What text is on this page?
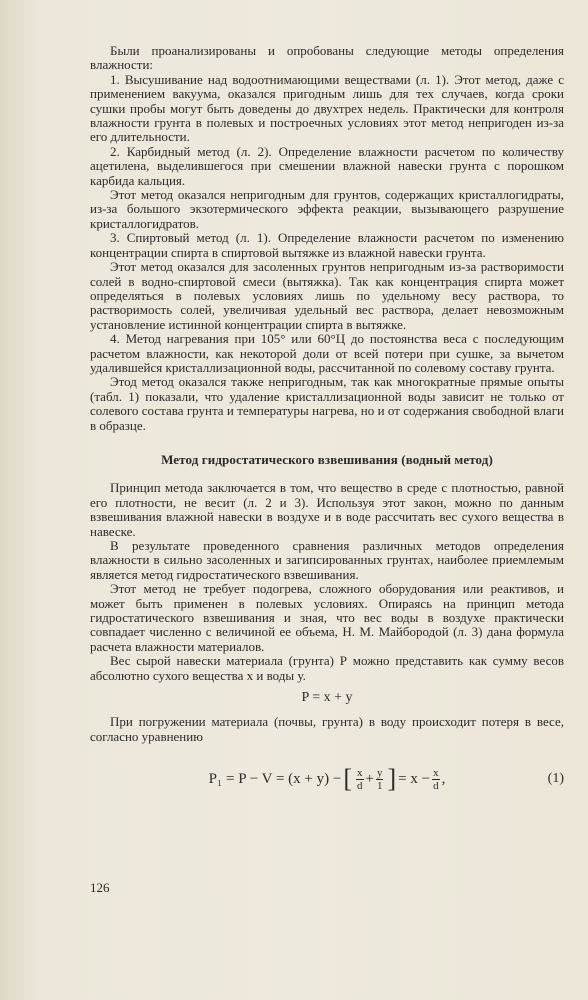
Были проанализированы и опробованы следующие методы определения влажности:

1. Высушивание над водоотнимающими веществами (л. 1). Этот метод, даже с применением вакуума, оказался пригодным лишь для тех случаев, когда сроки сушки пробы могут быть доведены до двухтрех недель. Практически для контроля влажности грунта в полевых и построечных условиях этот метод непригоден из-за его длительности.

2. Карбидный метод (л. 2). Определение влажности расчетом по количеству ацетилена, выделившегося при смешении влажной навески грунта с порошком карбида кальция.

Этот метод оказался непригодным для грунтов, содержащих кристаллогидраты, из-за большого экзотермического эффекта реакции, вызывающего разрушение кристаллогидратов.

3. Спиртовый метод (л. 1). Определение влажности расчетом по изменению концентрации спирта в спиртовой вытяжке из влажной навески грунта.

Этот метод оказался для засоленных грунтов непригодным из-за растворимости солей в водно-спиртовой смеси (вытяжка). Так как концентрация спирта может определяться в полевых условиях лишь по удельному весу раствора, то растворимость солей, увеличивая удельный вес раствора, делает невозможным установление истинной концентрации спирта в вытяжке.

4. Метод нагревания при 105° или 60°Ц до постоянства веса с последующим расчетом влажности, как некоторой доли от всей потери при сушке, за вычетом удалившейся кристаллизационной воды, рассчитанной по солевому составу грунта.

Этод метод оказался также непригодным, так как многократные прямые опыты (табл. 1) показали, что удаление кристаллизационной воды зависит не только от солевого состава грунта и температуры нагрева, но и от содержания свободной влаги в образце.

Метод гидростатического взвешивания (водный метод)

Принцип метода заключается в том, что вещество в среде с плотностью, равной его плотности, не весит (л. 2 и 3). Используя этот закон, можно по данным взвешивания влажной навески в воздухе и в воде рассчитать вес сухого вещества в навеске.

В результате проведенного сравнения различных методов определения влажности в сильно засоленных и загипсированных грунтах, наиболее приемлемым является метод гидростатического взвешивания.

Этот метод не требует подогрева, сложного оборудования или реактивов, и может быть применен в полевых условиях. Опираясь на принцип метода гидростатического взвешивания и зная, что вес воды в воздухе практически совпадает численно с величиной ее объема, Н. М. Майбородой (л. 3) дана формула расчета влажности материалов.

Вес сырой навески материала (грунта) Р можно представить как сумму весов абсолютно сухого вещества х и воды у.

P = x + y

При погружении материала (почвы, грунта) в воду происходит потеря в весе, согласно уравнению

P₁ = P − V = (x + y) − [ $\frac{x}{d} + \frac{y}{1}$ ] = $x - \frac{x}{d}$ ,	(1)
126
